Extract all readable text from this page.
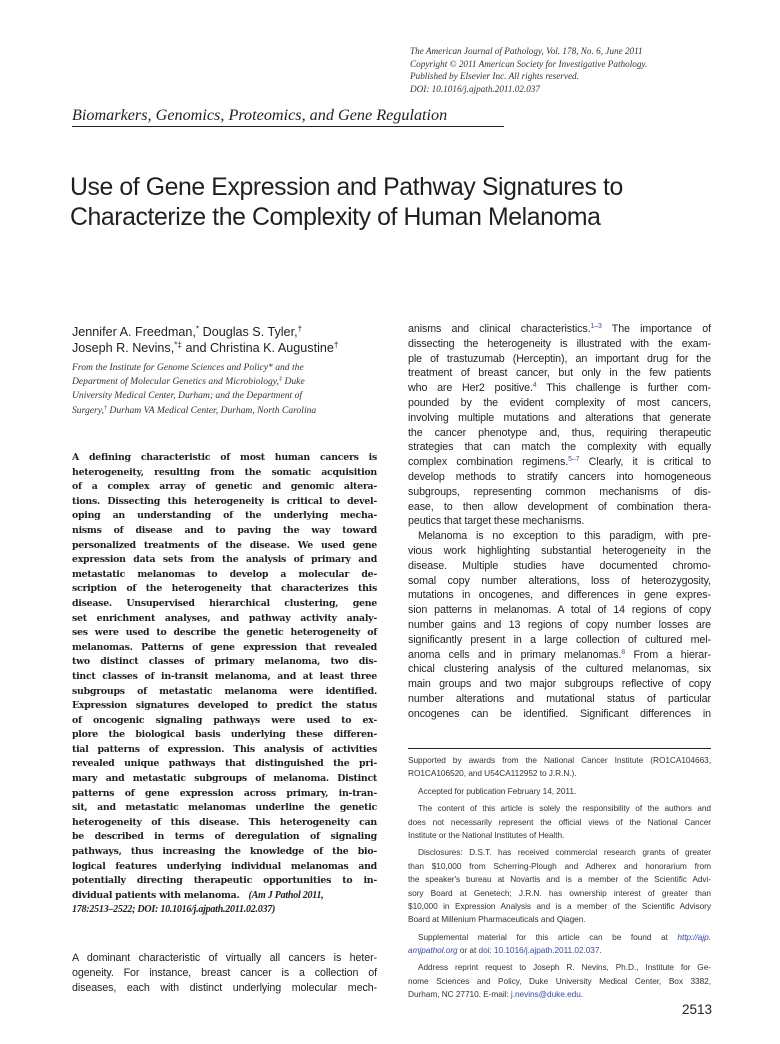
The American Journal of Pathology, Vol. 178, No. 6, June 2011
Copyright © 2011 American Society for Investigative Pathology.
Published by Elsevier Inc. All rights reserved.
DOI: 10.1016/j.ajpath.2011.02.037
Biomarkers, Genomics, Proteomics, and Gene Regulation
Use of Gene Expression and Pathway Signatures to
Characterize the Complexity of Human Melanoma
Jennifer A. Freedman,* Douglas S. Tyler,†
Joseph R. Nevins,*‡ and Christina K. Augustine†
From the Institute for Genome Sciences and Policy* and the
Department of Molecular Genetics and Microbiology,‡ Duke
University Medical Center, Durham; and the Department of
Surgery,† Durham VA Medical Center, Durham, North Carolina
A defining characteristic of most human cancers is
heterogeneity, resulting from the somatic acquisition
of a complex array of genetic and genomic altera-
tions. Dissecting this heterogeneity is critical to devel-
oping an understanding of the underlying mecha-
nisms of disease and to paving the way toward
personalized treatments of the disease. We used gene
expression data sets from the analysis of primary and
metastatic melanomas to develop a molecular de-
scription of the heterogeneity that characterizes this
disease. Unsupervised hierarchical clustering, gene
set enrichment analyses, and pathway activity analy-
ses were used to describe the genetic heterogeneity of
melanomas. Patterns of gene expression that revealed
two distinct classes of primary melanoma, two dis-
tinct classes of in-transit melanoma, and at least three
subgroups of metastatic melanoma were identified.
Expression signatures developed to predict the status
of oncogenic signaling pathways were used to ex-
plore the biological basis underlying these differen-
tial patterns of expression. This analysis of activities
revealed unique pathways that distinguished the pri-
mary and metastatic subgroups of melanoma. Distinct
patterns of gene expression across primary, in-tran-
sit, and metastatic melanomas underline the genetic
heterogeneity of this disease. This heterogeneity can
be described in terms of deregulation of signaling
pathways, thus increasing the knowledge of the bio-
logical features underlying individual melanomas and
potentially directing therapeutic opportunities to in-
dividual patients with melanoma. (Am J Pathol 2011,
178:2513–2522; DOI: 10.1016/j.ajpath.2011.02.037)
A dominant characteristic of virtually all cancers is heter-
ogeneity. For instance, breast cancer is a collection of
diseases, each with distinct underlying molecular mech-
anisms and clinical characteristics.$^{1-3}$ The importance of
dissecting the heterogeneity is illustrated with the exam-
ple of trastuzumab (Herceptin), an important drug for the
treatment of breast cancer, but only in the few patients
who are Her2 positive.$^4$ This challenge is further com-
pounded by the evident complexity of most cancers,
involving multiple mutations and alterations that generate
the cancer phenotype and, thus, requiring therapeutic
strategies that can match the complexity with equally
complex combination regimens.$^{5-7}$ Clearly, it is critical to
develop methods to stratify cancers into homogeneous
subgroups, representing common mechanisms of dis-
ease, to then allow development of combination thera-
peutics that target these mechanisms.
Melanoma is no exception to this paradigm, with pre-
vious work highlighting substantial heterogeneity in the
disease. Multiple studies have documented chromo-
somal copy number alterations, loss of heterozygosity,
mutations in oncogenes, and differences in gene expres-
sion patterns in melanomas. A total of 14 regions of copy
number gains and 13 regions of copy number losses are
significantly present in a large collection of cultured mel-
anoma cells and in primary melanomas.$^8$ From a hierar-
chical clustering analysis of the cultured melanomas, six
main groups and two major subgroups reflective of copy
number alterations and mutational status of particular
oncogenes can be identified. Significant differences in
Supported by awards from the National Cancer Institute (RO1CA104663,
RO1CA106520, and U54CA112952 to J.R.N.).
Accepted for publication February 14, 2011.
The content of this article is solely the responsibility of the authors and
does not necessarily represent the official views of the National Cancer
Institute or the National Institutes of Health.
Disclosures: D.S.T. has received commercial research grants of greater
than $10,000 from Scherring-Plough and Adherex and honorarium from
the speaker's bureau at Novartis and is a member of the Scientific Advi-
sory Board at Genetech; J.R.N. has ownership interest of greater than
$10,000 in Expression Analysis and is a member of the Scientific Advisory
Board at Millenium Pharmaceuticals and Qiagen.
Supplemental material for this article can be found at http://ajp.
amjpathol.org or at doi: 10.1016/j.ajpath.2011.02.037.
Address reprint request to Joseph R. Nevins, Ph.D., Institute for Ge-
nome Sciences and Policy, Duke University Medical Center, Box 3382,
Durham, NC 27710. E-mail: j.nevins@duke.edu.
2513
